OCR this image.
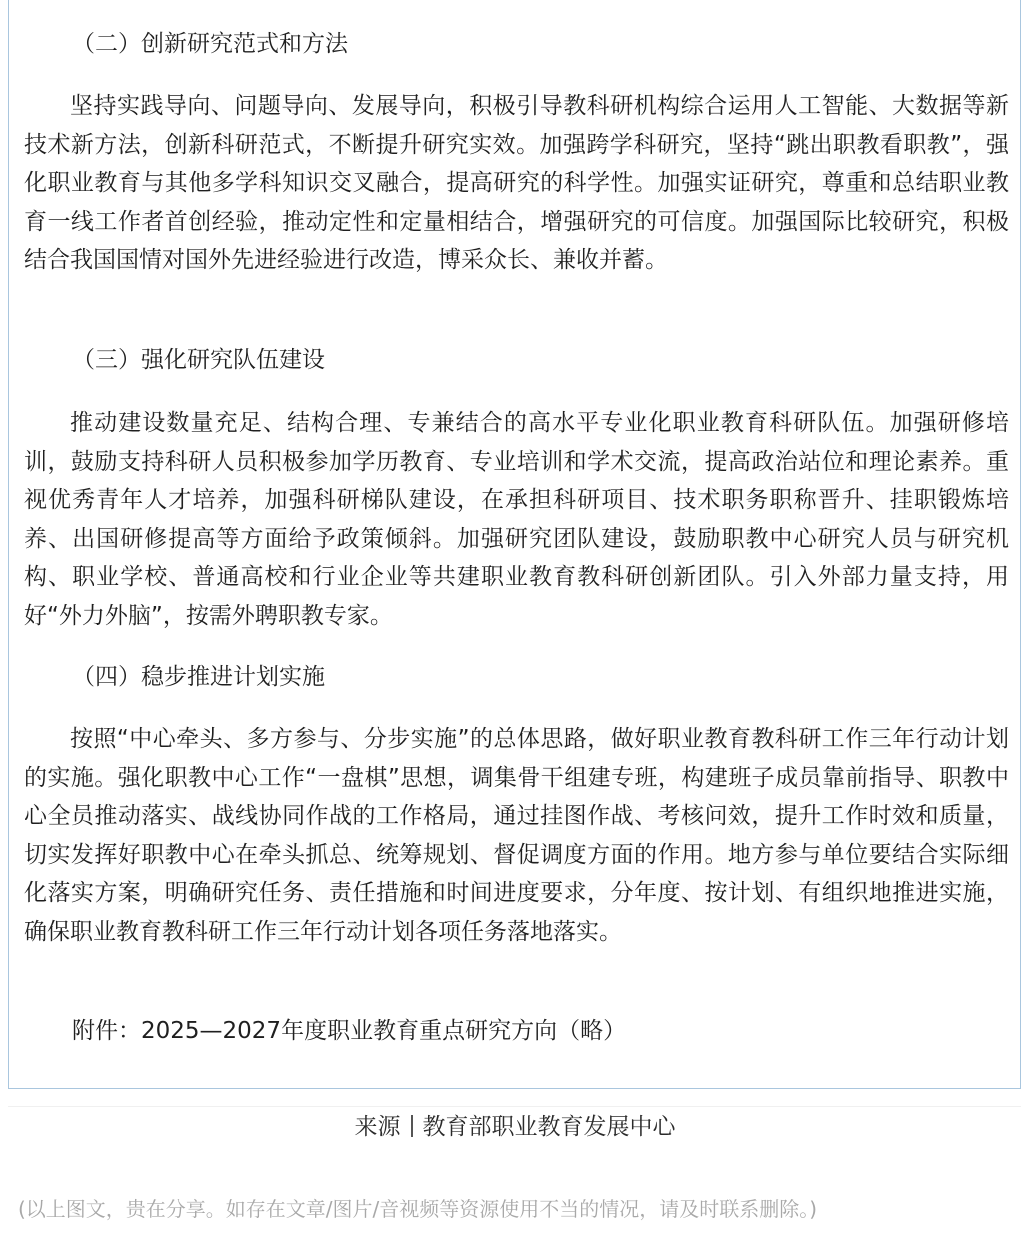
（二）创新研究范式和方法

坚持实践导向、问题导向、发展导向，积极引导教科研机构综合运用人工智能、大数据等新技术新方法，创新科研范式，不断提升研究实效。加强跨学科研究，坚持“跳出职教看职教”，强化职业教育与其他多学科知识交叉融合，提高研究的科学性。加强实证研究，尊重和总结职业教育一线工作者首创经验，推动定性和定量相结合，增强研究的可信度。加强国际比较研究，积极结合我国国情对国外先进经验进行改造，博采众长、兼收并蓄。

（三）强化研究队伍建设

推动建设数量充足、结构合理、专兼结合的高水平专业化职业教育科研队伍。加强研修培训，鼓励支持科研人员积极参加学历教育、专业培训和学术交流，提高政治站位和理论素养。重视优秀青年人才培养，加强科研梯队建设，在承担科研项目、技术职务职称晋升、挂职锻炼培养、出国研修提高等方面给予政策倾斜。加强研究团队建设，鼓励职教中心研究人员与研究机构、职业学校、普通高校和行业企业等共建职业教育教科研创新团队。引入外部力量支持，用好“外力外脑”，按需外聘职教专家。

（四）稳步推进计划实施

按照“中心牵头、多方参与、分步实施”的总体思路，做好职业教育教科研工作三年行动计划的实施。强化职教中心工作“一盘棋”思想，调集骨干组建专班，构建班子成员靠前指导、职教中心全员推动落实、战线协同作战的工作格局，通过挂图作战、考核问效，提升工作时效和质量，切实发挥好职教中心在牵头抓总、统筹规划、督促调度方面的作用。地方参与单位要结合实际细化落实方案，明确研究任务、责任措施和时间进度要求，分年度、按计划、有组织地推进实施，确保职业教育教科研工作三年行动计划各项任务落地落实。

附件：2025—2027年度职业教育重点研究方向（略）

来源 教育部职业教育发展中心

(以上图文，贵在分享。如存在文章/图片/音视频等资源使用不当的情况，请及时联系删除。)
